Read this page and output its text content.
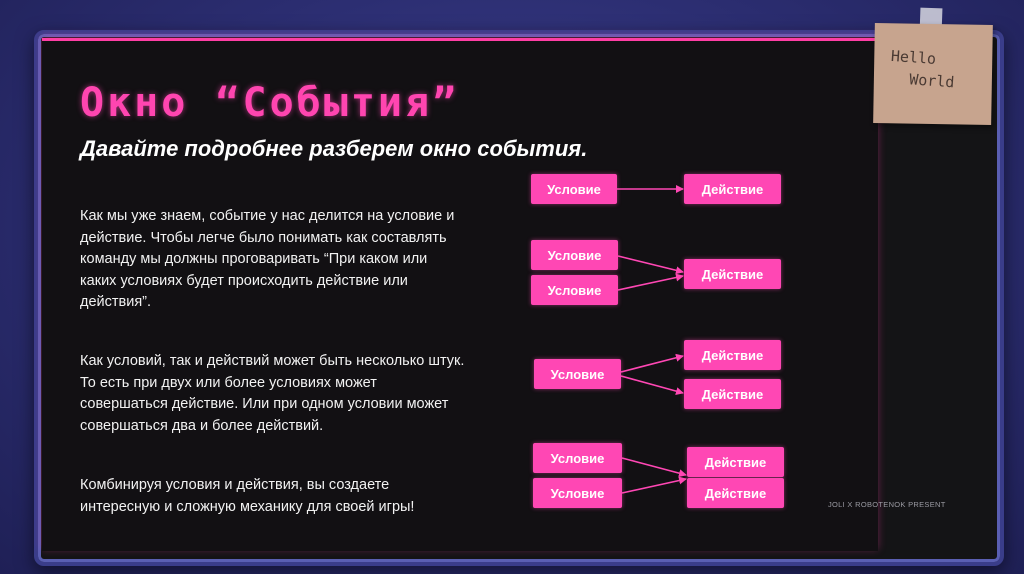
Hello
World
Окно “События”
Давайте подробнее разберем окно события.

Как мы уже знаем, событие у нас делится на условие и действие. Чтобы легче было понимать как составлять команду мы должны проговаривать “При каком или каких условиях будет происходить действие или действия”.

Как условий, так и действий может быть несколько штук. То есть при двух или более условиях может совершаться действие. Или при одном условии может совершаться два и более действий.

Комбинируя условия и действия, вы создаете интересную и сложную механику для своей игры!

Условие	Действие
Условие
Условие
Действие
Условие
Действие
Действие
Условие
Условие
Действие
Действие
JOLI X ROBOTENOK PRESENT
